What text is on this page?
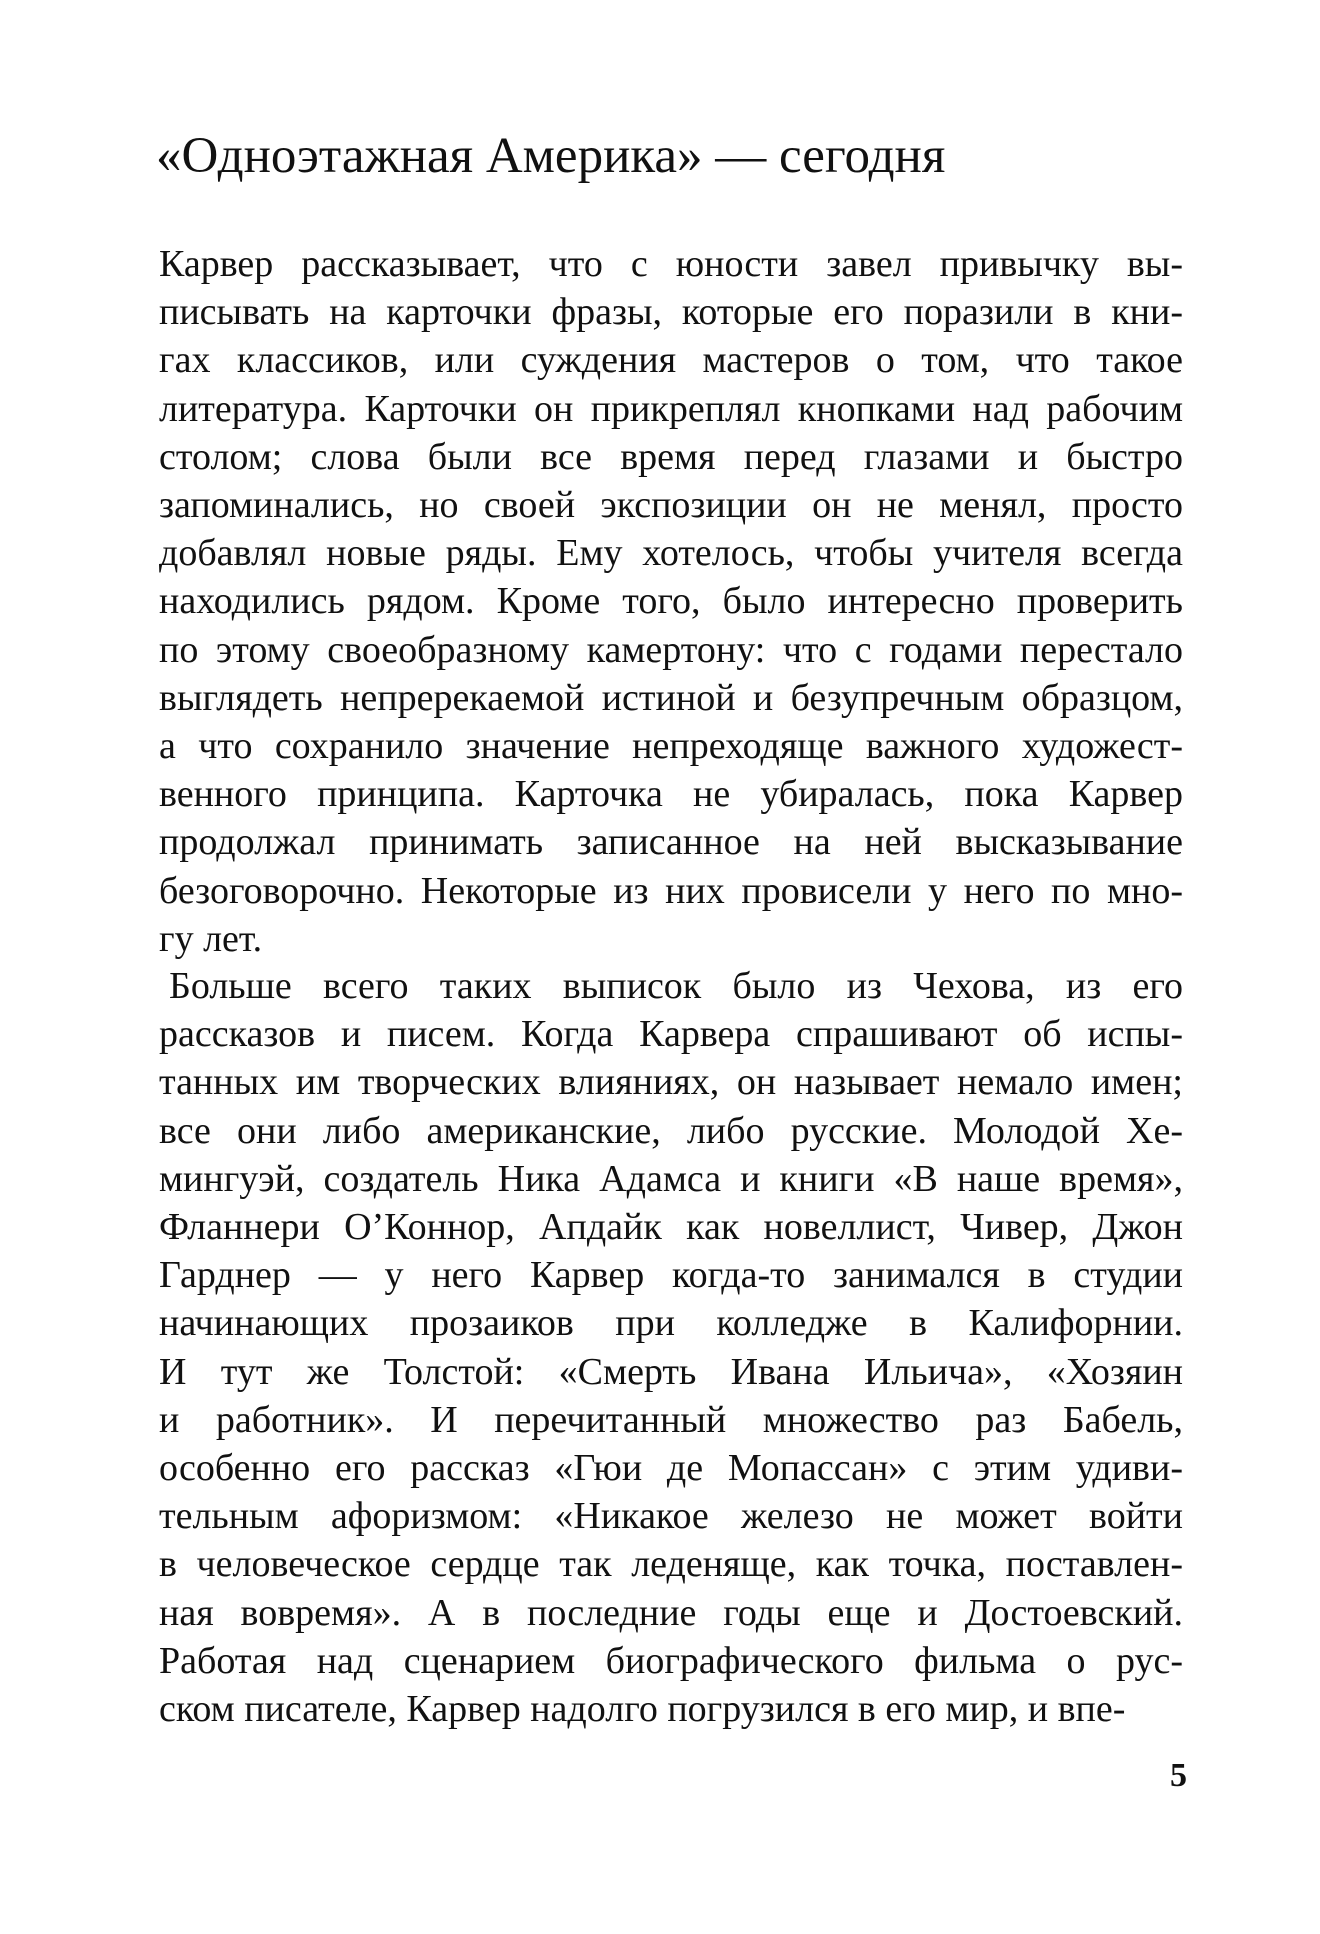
«Одноэтажная Америка» — сегодня
Карвер рассказывает, что с юности завел привычку вы-
писывать на карточки фразы, которые его поразили в кни-
гах классиков, или суждения мастеров о том, что такое
литература. Карточки он прикреплял кнопками над рабочим
столом; слова были все время перед глазами и быстро
запоминались, но своей экспозиции он не менял, просто
добавлял новые ряды. Ему хотелось, чтобы учителя всегда
находились рядом. Кроме того, было интересно проверить
по этому своеобразному камертону: что с годами перестало
выглядеть непререкаемой истиной и безупречным образцом,
а что сохранило значение непреходяще важного художест-
венного принципа. Карточка не убиралась, пока Карвер
продолжал принимать записанное на ней высказывание
безоговорочно. Некоторые из них провисели у него по мно-
гу лет.
Больше всего таких выписок было из Чехова, из его
рассказов и писем. Когда Карвера спрашивают об испы-
танных им творческих влияниях, он называет немало имен;
все они либо американские, либо русские. Молодой Хе-
мингуэй, создатель Ника Адамса и книги «В наше время»,
Фланнери О’Коннор, Апдайк как новеллист, Чивер, Джон
Гарднер — у него Карвер когда-то занимался в студии
начинающих прозаиков при колледже в Калифорнии.
И тут же Толстой: «Смерть Ивана Ильича», «Хозяин
и работник». И перечитанный множество раз Бабель,
особенно его рассказ «Гюи де Мопассан» с этим удиви-
тельным афоризмом: «Никакое железо не может войти
в человеческое сердце так леденяще, как точка, поставлен-
ная вовремя». А в последние годы еще и Достоевский.
Работая над сценарием биографического фильма о рус-
ском писателе, Карвер надолго погрузился в его мир, и впе-
5
